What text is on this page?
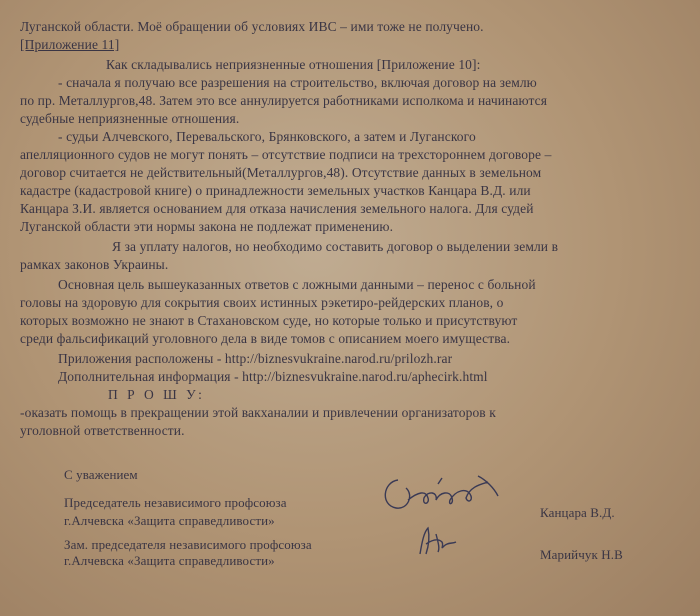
Луганской области. Моё обращении об условиях ИВС – ими тоже не получено.
[Приложение 11]
Как складывались неприязненные отношения [Приложение 10]:
- сначала я получаю все разрешения на строительство, включая договор на землю
по пр. Металлургов,48. Затем это все аннулируется работниками исполкома и начинаются
судебные неприязненные отношения.
- судьи Алчевского, Перевальского, Брянковского, а затем и Луганского
апелляционного судов не могут понять – отсутствие подписи на трехстороннем договоре –
договор считается не действительный(Металлургов,48). Отсутствие данных в земельном
кадастре (кадастровой книге) о принадлежности земельных участков Канцара В.Д. или
Канцара З.И. является основанием для отказа начисления земельного налога. Для судей
Луганской области эти нормы закона не подлежат применению.
Я за уплату налогов, но необходимо составить договор о выделении земли в
рамках законов Украины.
Основная цель вышеуказанных ответов с ложными данными – перенос с больной
головы на здоровую для сокрытия своих истинных рэкетиро-рейдерских планов, о
которых возможно не знают в Стахановском суде, но которые только и присутствуют
среди фальсификаций уголовного дела в виде томов с описанием моего имущества.
Приложения расположены - http://biznesvukraine.narod.ru/prilozh.rar
Дополнительная информация - http://biznesvukraine.narod.ru/aphecirk.html
П Р О Ш У:
-оказать помощь в прекращении этой вакханалии и привлечении организаторов к
уголовной ответственности.
С уважением
Председатель независимого профсоюза
г.Алчевска «Защита справедливости»
Канцара В.Д.
Зам. председателя независимого профсоюза
г.Алчевска «Защита справедливости»	Марийчук Н.В
